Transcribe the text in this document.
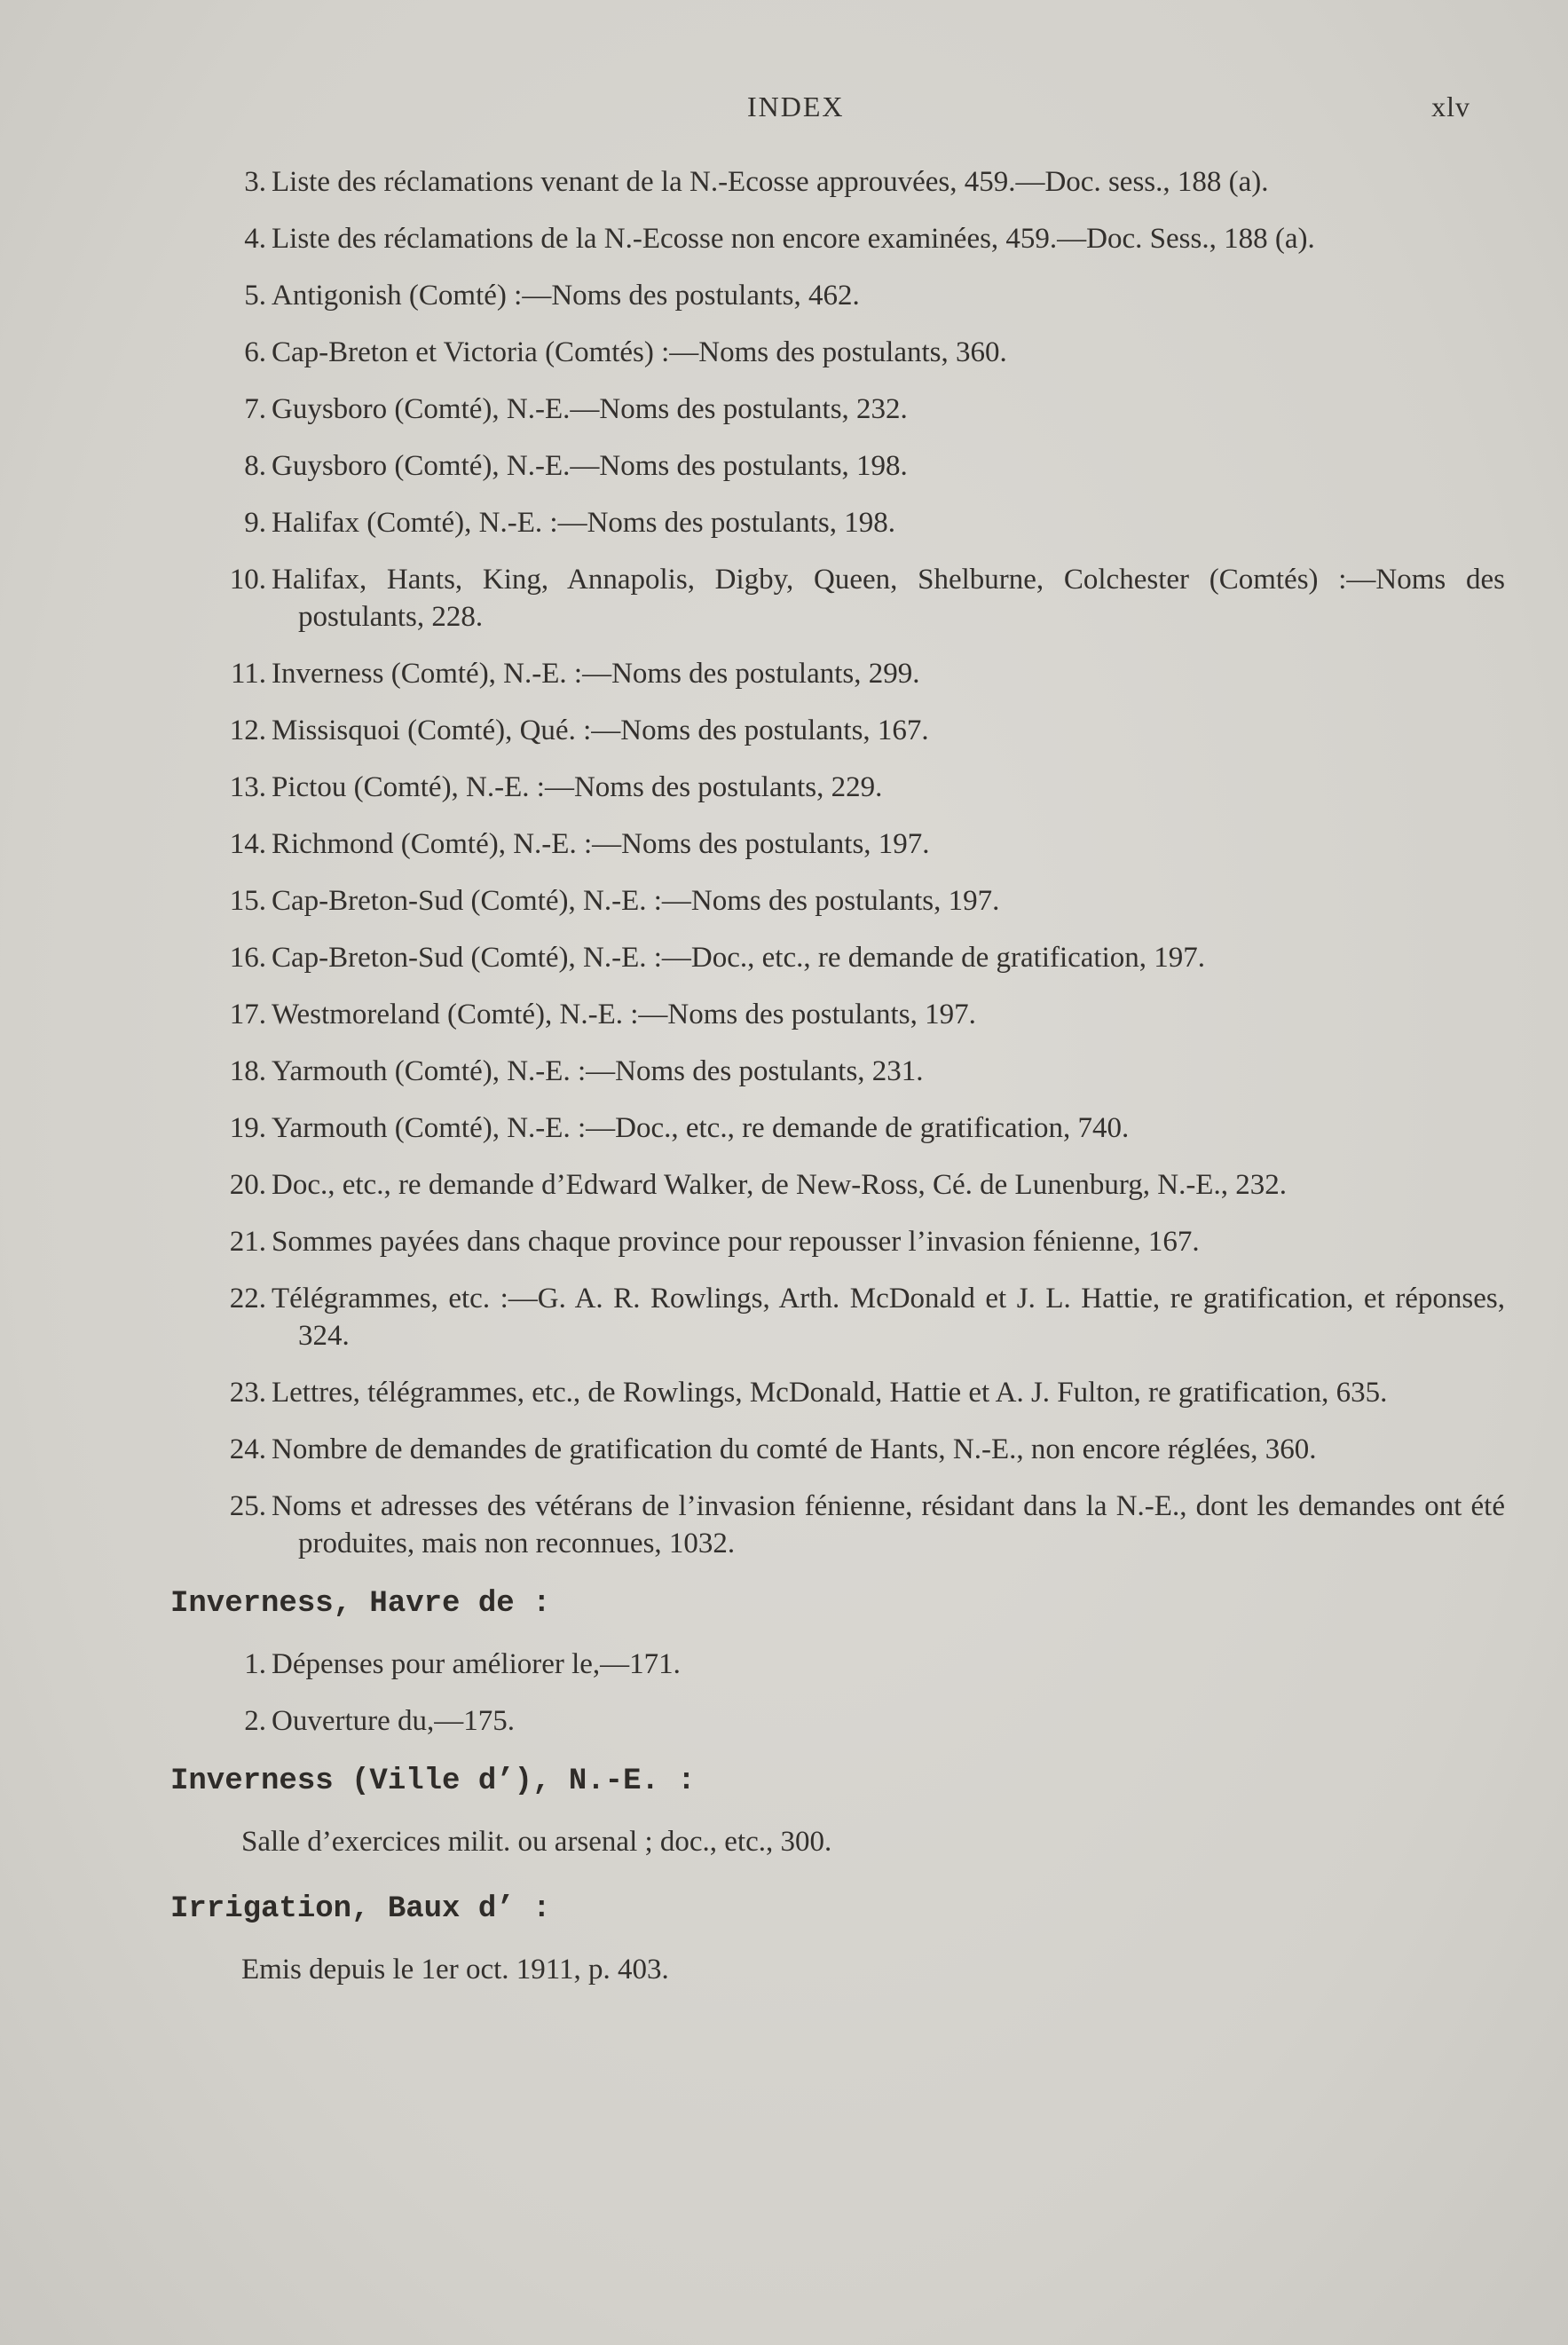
INDEX	xlv
3. Liste des réclamations venant de la N.-Ecosse approuvées, 459.—Doc. sess., 188 (a).
4. Liste des réclamations de la N.-Ecosse non encore examinées, 459.—Doc. Sess., 188 (a).
5. Antigonish (Comté) :—Noms des postulants, 462.
6. Cap-Breton et Victoria (Comtés) :—Noms des postulants, 360.
7. Guysboro (Comté), N.-E.—Noms des postulants, 232.
8. Guysboro (Comté), N.-E.—Noms des postulants, 198.
9. Halifax (Comté), N.-E. :—Noms des postulants, 198.
10. Halifax, Hants, King, Annapolis, Digby, Queen, Shelburne, Colchester (Comtés) :—Noms des postulants, 228.
11. Inverness (Comté), N.-E. :—Noms des postulants, 299.
12. Missisquoi (Comté), Qué. :—Noms des postulants, 167.
13. Pictou (Comté), N.-E. :—Noms des postulants, 229.
14. Richmond (Comté), N.-E. :—Noms des postulants, 197.
15. Cap-Breton-Sud (Comté), N.-E. :—Noms des postulants, 197.
16. Cap-Breton-Sud (Comté), N.-E. :—Doc., etc., re demande de gratification, 197.
17. Westmoreland (Comté), N.-E. :—Noms des postulants, 197.
18. Yarmouth (Comté), N.-E. :—Noms des postulants, 231.
19. Yarmouth (Comté), N.-E. :—Doc., etc., re demande de gratification, 740.
20. Doc., etc., re demande d’Edward Walker, de New-Ross, Cé. de Lunenburg, N.-E., 232.
21. Sommes payées dans chaque province pour repousser l’invasion fénienne, 167.
22. Télégrammes, etc. :—G. A. R. Rowlings, Arth. McDonald et J. L. Hattie, re gratification, et réponses, 324.
23. Lettres, télégrammes, etc., de Rowlings, McDonald, Hattie et A. J. Fulton, re gratification, 635.
24. Nombre de demandes de gratification du comté de Hants, N.-E., non encore réglées, 360.
25. Noms et adresses des vétérans de l’invasion fénienne, résidant dans la N.-E., dont les demandes ont été produites, mais non reconnues, 1032.
Inverness, Havre de :
1. Dépenses pour améliorer le,—171.
2. Ouverture du,—175.
Inverness (Ville d’), N.-E. :
Salle d’exercices milit. ou arsenal ; doc., etc., 300.
Irrigation, Baux d’ :
Emis depuis le 1er oct. 1911, p. 403.
